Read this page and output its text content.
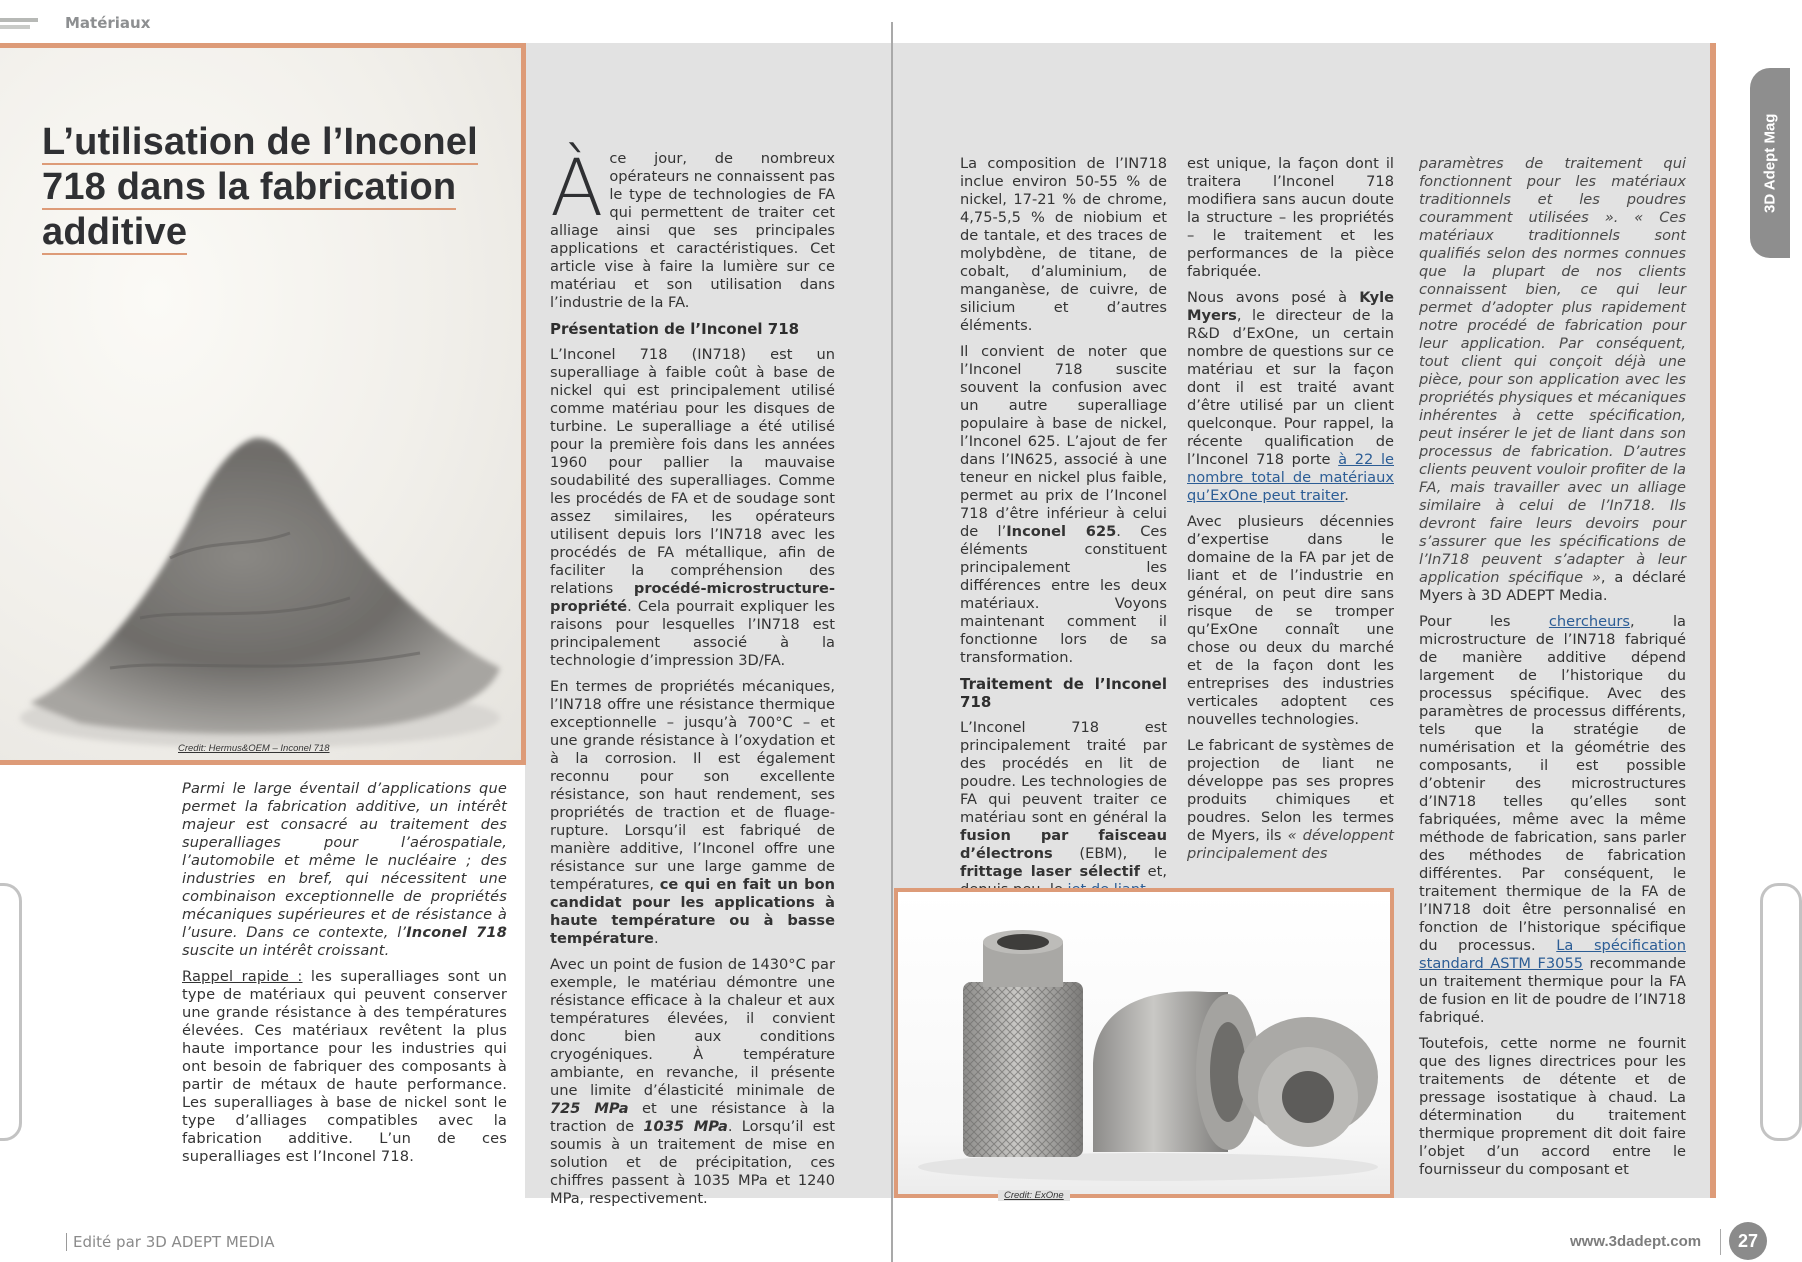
Matériaux
L’utilisation de l’Inconel
718 dans la fabrication
additive
Credit: Hermus&OEM – Inconel 718

Parmi le large éventail d’applications que permet la fabrication additive, un intérêt majeur est consacré au traitement des superalliages pour l’aérospatiale, l’automobile et même le nucléaire ; des industries en bref, qui nécessitent une combinaison exceptionnelle de propriétés mécaniques supérieures et de résistance à l’usure. Dans ce contexte, l’Inconel 718 suscite un intérêt croissant.

Rappel rapide : les superalliages sont un type de matériaux qui peuvent conserver une grande résistance à des températures élevées. Ces matériaux revêtent la plus haute importance pour les industries qui ont besoin de fabriquer des composants à partir de métaux de haute performance. Les superalliages à base de nickel sont le type d’alliages compatibles avec la fabrication additive. L’un de ces superalliages est l’Inconel 718.

À ce jour, de nombreux opérateurs ne connaissent pas le type de technologies de FA qui permettent de traiter cet alliage ainsi que ses principales applications et caractéristiques. Cet article vise à faire la lumière sur ce matériau et son utilisation dans l’industrie de la FA.

Présentation de l’Inconel 718

L’Inconel 718 (IN718) est un superalliage à faible coût à base de nickel qui est principalement utilisé comme matériau pour les disques de turbine. Le superalliage a été utilisé pour la première fois dans les années 1960 pour pallier la mauvaise soudabilité des superalliages. Comme les procédés de FA et de soudage sont assez similaires, les opérateurs utilisent depuis lors l’IN718 avec les procédés de FA métallique, afin de faciliter la compréhension des relations procédé-microstructure-propriété. Cela pourrait expliquer les raisons pour lesquelles l’IN718 est principalement associé à la technologie d’impression 3D/FA.

En termes de propriétés mécaniques, l’IN718 offre une résistance thermique exceptionnelle – jusqu’à 700°C – et une grande résistance à l’oxydation et à la corrosion. Il est également reconnu pour son excellente résistance, son haut rendement, ses propriétés de traction et de fluage-rupture. Lorsqu’il est fabriqué de manière additive, l’Inconel offre une résistance sur une large gamme de températures, ce qui en fait un bon candidat pour les applications à haute température ou à basse température.

Avec un point de fusion de 1430°C par exemple, le matériau démontre une résistance efficace à la chaleur et aux températures élevées, il convient donc bien aux conditions cryogéniques. À température ambiante, en revanche, il présente une limite d’élasticité minimale de 725 MPa et une résistance à la traction de 1035 MPa. Lorsqu’il est soumis à un traitement de mise en solution et de précipitation, ces chiffres passent à 1035 MPa et 1240 MPa, respectivement.

La composition de l’IN718 inclue environ 50-55 % de nickel, 17-21 % de chrome, 4,75-5,5 % de niobium et de tantale, et des traces de molybdène, de titane, de cobalt, d’aluminium, de manganèse, de cuivre, de silicium et d’autres éléments.

Il convient de noter que l’Inconel 718 suscite souvent la confusion avec un autre superalliage populaire à base de nickel, l’Inconel 625. L’ajout de fer dans l’IN625, associé à une teneur en nickel plus faible, permet au prix de l’Inconel 718 d’être inférieur à celui de l’Inconel 625. Ces éléments constituent principalement les différences entre les deux matériaux. Voyons maintenant comment il fonctionne lors de sa transformation.

Traitement de l’Inconel 718

L’Inconel 718 est principalement traité par des procédés en lit de poudre. Les technologies de FA qui peuvent traiter ce matériau sont en général la fusion par faisceau d’électrons (EBM), le frittage laser sélectif et,

est unique, la façon dont il traitera l’Inconel 718 modifiera sans aucun doute la structure – les propriétés – le traitement et les performances de la pièce fabriquée.

Nous avons posé à Kyle Myers, le directeur de la R&D d’ExOne, un certain nombre de questions sur ce matériau et sur la façon dont il est traité avant d’être utilisé par un client quelconque. Pour rappel, la récente qualification de l’Inconel 718 porte à 22 le nombre total de matériaux qu’ExOne peut traiter.

Avec plusieurs décennies d’expertise dans le domaine de la FA par jet de liant et de l’industrie en général, on peut dire sans risque de se tromper qu’ExOne connaît une chose ou deux du marché et de la façon dont les entreprises des industries verticales adoptent ces nouvelles technologies.

Le fabricant de systèmes de projection de liant ne développe pas ses propres produits chimiques et poudres. Selon les termes de Myers, ils « développent principalement des

paramètres de traitement qui fonctionnent pour les matériaux traditionnels et les poudres couramment utilisées ». « Ces matériaux traditionnels sont qualifiés selon des normes connues que la plupart de nos clients connaissent bien, ce qui leur permet d’adopter plus rapidement notre procédé de fabrication pour leur application. Par conséquent, tout client qui conçoit déjà une pièce, pour son application avec les propriétés physiques et mécaniques inhérentes à cette spécification, peut insérer le jet de liant dans son processus de fabrication. D’autres clients peuvent vouloir profiter de la FA, mais travailler avec un alliage similaire à celui de l’In718. Ils devront faire leurs devoirs pour s’assurer que les spécifications de l’In718 peuvent s’adapter à leur application spécifique », a déclaré Myers à 3D ADEPT Media.

Pour les chercheurs, la microstructure de l’IN718 fabriqué de manière additive dépend largement de l’historique du processus spécifique. Avec des paramètres de processus différents, tels que la stratégie de numérisation et la géométrie des composants, il est possible d’obtenir des microstructures d’IN718 telles qu’elles sont fabriquées, même avec la même méthode de fabrication, sans parler des méthodes de fabrication différentes. Par conséquent, le traitement thermique de la FA de l’IN718 doit être personnalisé en fonction de l’historique spécifique du processus. La spécification standard ASTM F3055 recommande un traitement thermique pour la FA de fusion en lit de poudre de l’IN718 fabriqué.

Toutefois, cette norme ne fournit que des lignes directrices pour les traitements de détente et de pressage isostatique à chaud. La détermination du traitement thermique proprement dit doit faire l’objet d’un accord entre le fournisseur du composant et

Credit: ExOne
3D Adept Mag
Edité par 3D ADEPT MEDIA	www.3dadept.com	27
